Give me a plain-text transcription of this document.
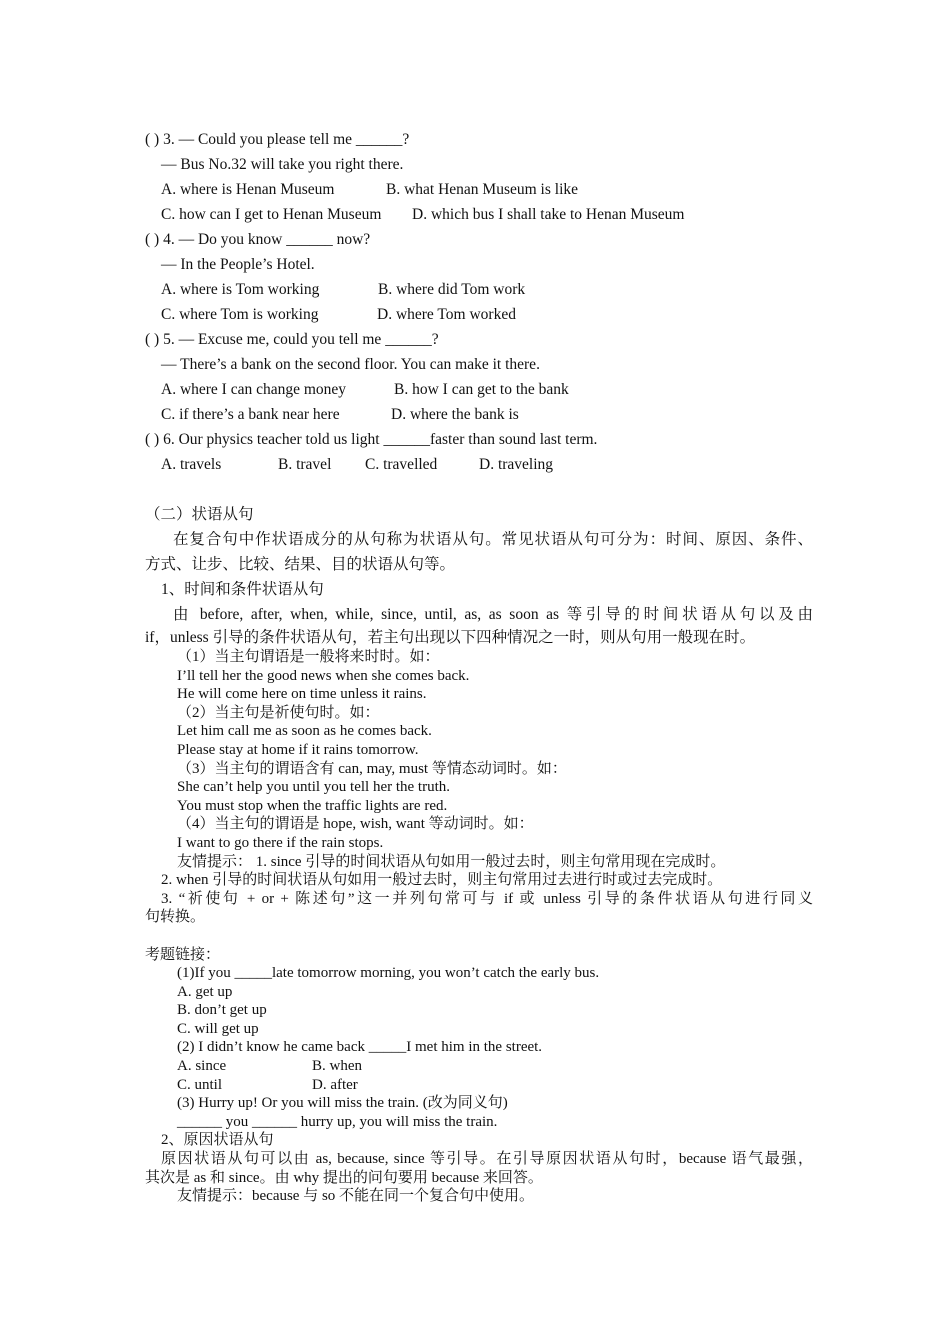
( ) 3. — Could you please tell me ______?
— Bus No.32 will take you right there.
A. where is Henan Museum	B. what Henan Museum is like
C. how can I get to Henan Museum D. which bus I shall take to Henan Museum
( ) 4. — Do you know ______ now?
— In the People’s Hotel.
A. where is Tom working	B. where did Tom work
C. where Tom is working	D. where Tom worked
( ) 5. — Excuse me, could you tell me ______?
— There’s a bank on the second floor. You can make it there.
A. where I can change money	B. how I can get to the bank
C. if there’s a bank near here	D. where the bank is
( ) 6. Our physics teacher told us light ______faster than sound last term.
A. travels	B. travel C. travelled	D. traveling
（二）状语从句
在复合句中作状语成分的从句称为状语从句。常见状语从句可分为：时间、原因、条件、
方式、让步、比较、结果、目的状语从句等。
1、时间和条件状语从句
由 before, after, when, while, since, until, as, as soon as 等引导的时间状语从句以及由
if，unless 引导的条件状语从句，若主句出现以下四种情况之一时，则从句用一般现在时。
（1）当主句谓语是一般将来时时。如：
I’ll tell her the good news when she comes back.
He will come here on time unless it rains.
（2）当主句是祈使句时。如：
Let him call me as soon as he comes back.
Please stay at home if it rains tomorrow.
（3）当主句的谓语含有 can, may, must 等情态动词时。如：
She can’t help you until you tell her the truth.
You must stop when the traffic lights are red.
（4）当主句的谓语是 hope, wish, want 等动词时。如：
I want to go there if the rain stops.
友情提示： 1. since 引导的时间状语从句如用一般过去时，则主句常用现在完成时。
2. when 引导的时间状语从句如用一般过去时，则主句常用过去进行时或过去完成时。
3. “祈使句 + or + 陈述句”这一并列句常可与 if 或 unless 引导的条件状语从句进行同义
句转换。
考题链接：
(1)If you _____late tomorrow morning, you won’t catch the early bus.
A. get up
B. don’t get up
C. will get up
(2) I didn’t know he came back _____I met him in the street.
A. since	B. when
C. until	D. after
(3) Hurry up! Or you will miss the train. (改为同义句)
______ you ______ hurry up, you will miss the train.
2、原因状语从句
原因状语从句可以由 as, because, since 等引导。在引导原因状语从句时，because 语气最强，
其次是 as 和 since。由 why 提出的问句要用 because 来回答。
友情提示：because 与 so 不能在同一个复合句中使用。
